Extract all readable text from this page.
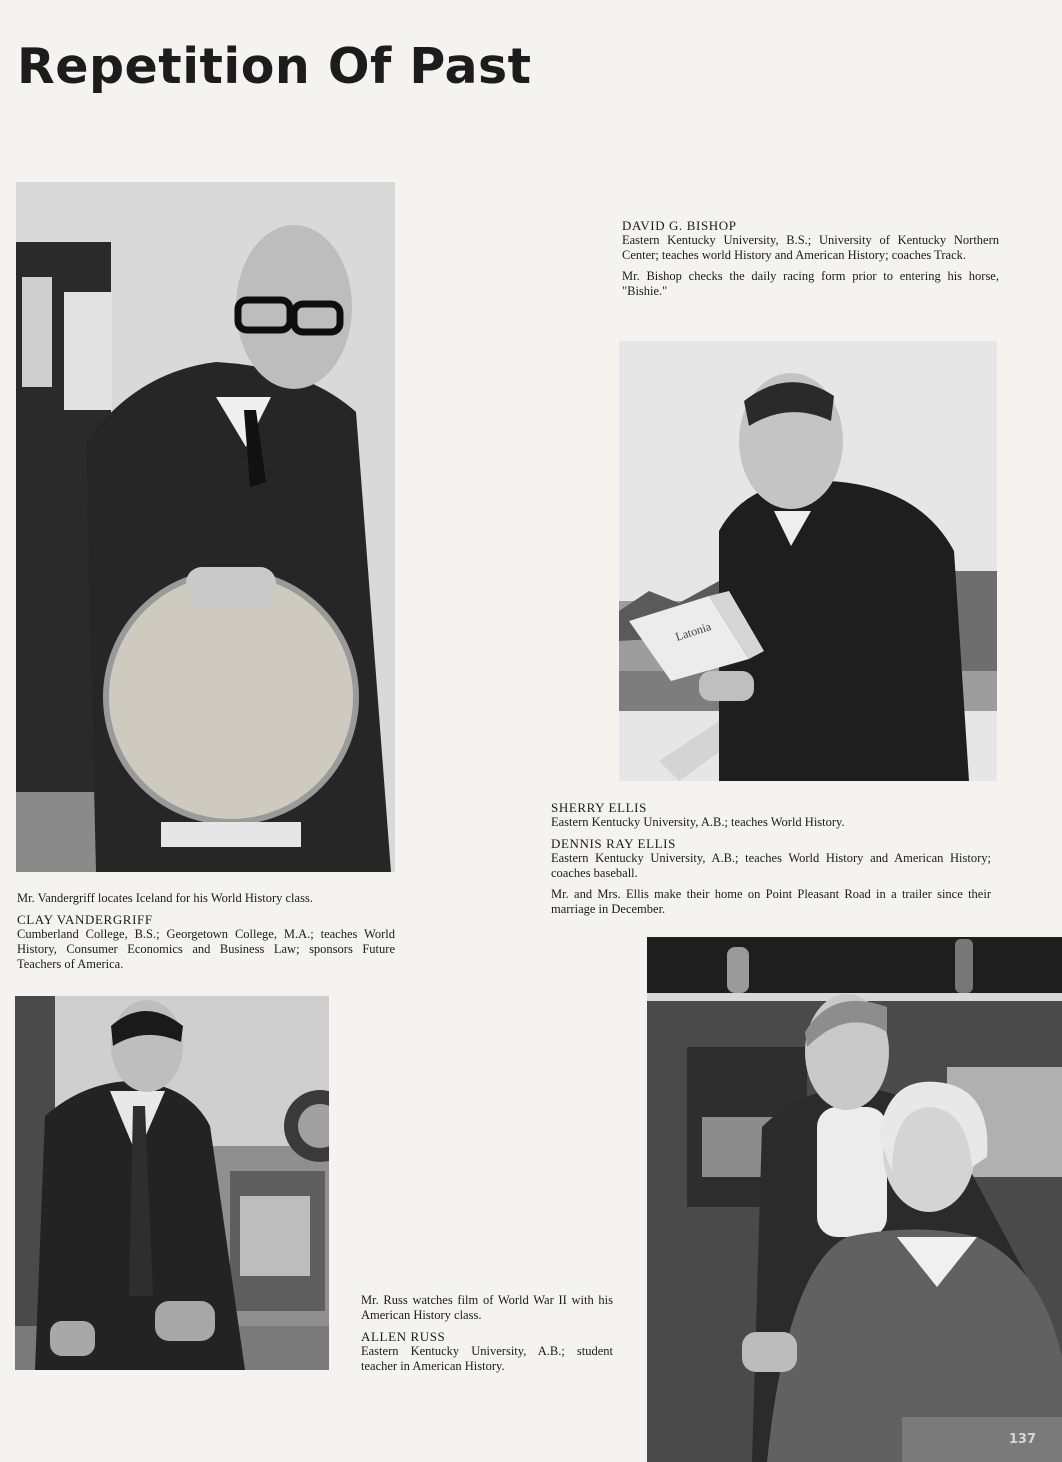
Repetition Of Past
Mr. Vandergriff locates Iceland for his World History class.
CLAY VANDERGRIFF
Cumberland College, B.S.; Georgetown College, M.A.; teaches World History, Consumer Economics and Business Law; sponsors Future Teachers of America.
DAVID G. BISHOP
Eastern Kentucky University, B.S.; University of Kentucky Northern Center; teaches world History and American History; coaches Track.
Mr. Bishop checks the daily racing form prior to entering his horse, "Bishie."
Latonia
SHERRY ELLIS
Eastern Kentucky University, A.B.; teaches World History.
DENNIS RAY ELLIS
Eastern Kentucky University, A.B.; teaches World History and American History; coaches baseball.
Mr. and Mrs. Ellis make their home on Point Pleasant Road in a trailer since their marriage in December.
Mr. Russ watches film of World War II with his American History class.
ALLEN RUSS
Eastern Kentucky University, A.B.; student teacher in American History.
137
